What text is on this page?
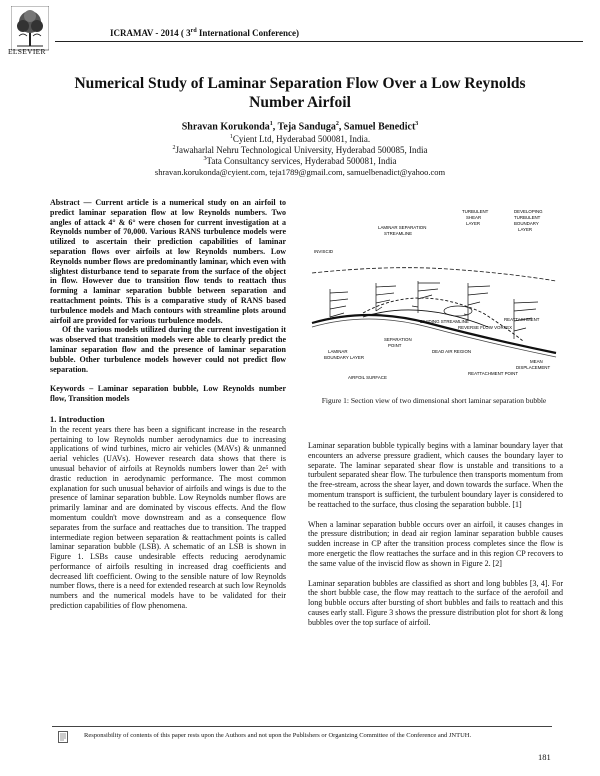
ELSEVIER
ICRAMAV - 2014 ( 3rd International Conference)
Numerical Study of Laminar Separation Flow Over a Low Reynolds
Number Airfoil
Shravan Korukonda$^1$, Teja Sanduga$^2$, Samuel Benedict$^3$
$^1$Cyient Ltd, Hyderabad 500081, India.
$^2$Jawaharlal Nehru Technological University, Hyderabad 500085, India
$^3$Tata Consultancy services, Hyderabad 500081, India
shravan.korukonda@cyient.com, teja1789@gmail.com, samuelbenadict@yahoo.com
Abstract — Current article is a numerical study on an airfoil to predict laminar separation flow at low Reynolds numbers. Two angles of attack 4° & 6° were chosen for current investigation at a Reynolds number of 70,000. Various RANS turbulence models were utilized to ascertain their prediction capabilities of laminar separation flows over airfoils at low Reynolds numbers. Low Reynolds number flows are predominantly laminar, which even with slightest disturbance tend to separate from the surface of the object in flow. However due to transition flow tends to reattach thus forming a laminar separation bubble between separation and reattachment points. This is a comparative study of RANS based turbulence models and Mach contours with streamline plots around airfoil are provided for various turbulence models.
Of the various models utilized during the current investigation it was observed that transition models were able to clearly predict the laminar separation flow and the presence of laminar separation bubble. Other turbulence models however could not predict flow separation.
Keywords – Laminar separation bubble, Low Reynolds number flow, Transition models
1. Introduction
In the recent years there has been a significant increase in the research pertaining to low Reynolds number aerodynamics due to increasing applications of wind turbines, micro air vehicles (MAVs) & unmanned aerial vehicles (UAVs). However research data shows that there is unusual behavior of airfoils at Reynolds numbers lower than 2e⁵ with drastic reduction in aerodynamic performance. The most common explanation for such unusual behavior of airfoils and wings is due to the presence of laminar separation bubble. Low Reynolds number flows are primarily laminar and are dominated by viscous effects. And the flow momentum couldn't move downstream and as a consequence flow separates from the surface and reattaches due to transition. The trapped intermediate region between separation & reattachment points is called laminar separation bubble (LSB). A schematic of an LSB is shown in Figure 1. LSBs cause undesirable effects reducing aerodynamic performance of airfoils resulting in increased drag coefficients and decreased lift coefficient. Owing to the sensible nature of low Reynolds number flows, there is a need for extended research at such low Reynolds numbers and the numerical models have to be validated for their prediction capabilities of flow phenomena.
INVISCID
LAMINAR SEPARATION
STREAMLINE
TURBULENT
SHEAR
LAYER
DEVELOPING
TURBULENT
BOUNDARY
LAYER
REATTACHMENT
DIVIDING STREAMLINE
REVERSE FLOW VORTEX
SEPARATION
POINT
LAMINAR
BOUNDARY LAYER
MEAN
DISPLACEMENT
DEAD AIR REGION
REATTACHMENT POINT
AIRFOIL SURFACE
Figure 1: Section view of two dimensional short laminar separation bubble
Laminar separation bubble typically begins with a laminar boundary layer that encounters an adverse pressure gradient, which causes the boundary layer to separate. The laminar separated shear flow is unstable and transitions to a turbulent separated shear flow. The turbulence then transports momentum from the free-stream, across the shear layer, and down towards the surface. When the momentum transport is sufficient, the turbulent boundary layer is considered to be reattached to the surface, thus closing the separation bubble. [1]
When a laminar separation bubble occurs over an airfoil, it causes changes in the pressure distribution; in dead air region laminar separation bubble causes sudden increase in CP after the transition process completes since the flow is more energetic the flow reattaches the surface and in this region CP recovers to the same value of the inviscid flow as shown in Figure 2. [2]
Laminar separation bubbles are classified as short and long bubbles [3, 4]. For the short bubble case, the flow may reattach to the surface of the aerofoil and long bubble occurs after bursting of short bubbles and fails to reattach and this causes early stall. Figure 3 shows the pressure distribution plot for short & long bubbles over the top surface of airfoil.
Responsibility of contents of this paper rests upon the Authors and not upon the Publishers or Organizing Committee of the Conference and JNTUH.
181
